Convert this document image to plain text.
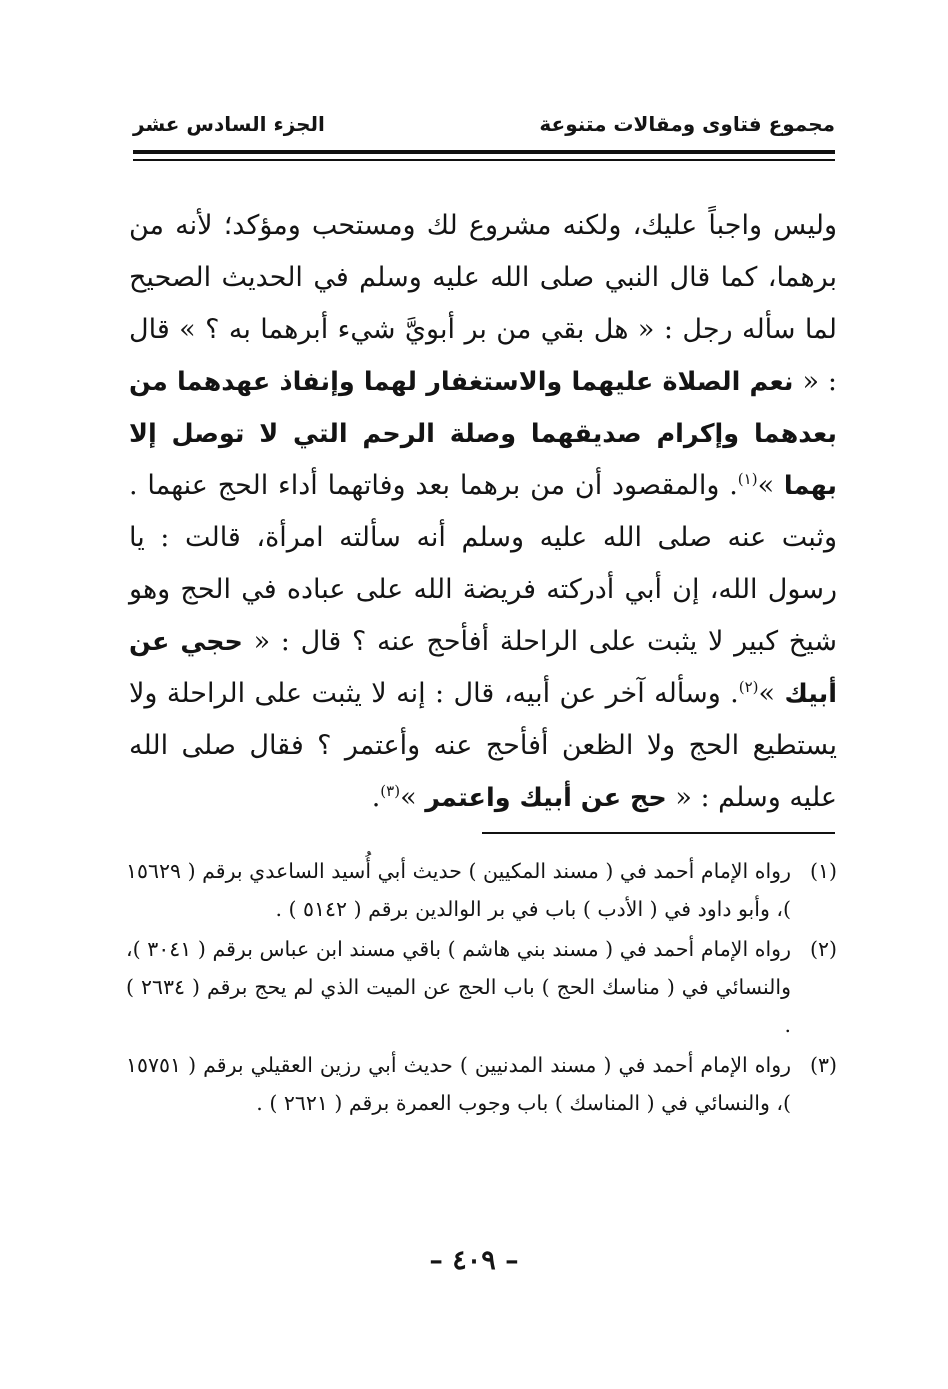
مجموع فتاوى ومقالات متنوعة
الجزء السادس عشر

وليس واجباً عليك، ولكنه مشروع لك ومستحب ومؤكد؛ لأنه من برهما، كما قال النبي صلى الله عليه وسلم في الحديث الصحيح لما سأله رجل : « هل بقي من بر أبويَّ شيء أبرهما به ؟ » قال : « نعم الصلاة عليهما والاستغفار لهما وإنفاذ عهدهما من بعدهما وإكرام صديقهما وصلة الرحم التي لا توصل إلا بهما »$^{(١)}$. والمقصود أن من برهما بعد وفاتهما أداء الحج عنهما . وثبت عنه صلى الله عليه وسلم أنه سألته امرأة، قالت : يا رسول الله، إن أبي أدركته فريضة الله على عباده في الحج وهو شيخ كبير لا يثبت على الراحلة أفأحج عنه ؟ قال : « حجي عن أبيك »$^{(٢)}$. وسأله آخر عن أبيه، قال : إنه لا يثبت على الراحلة ولا يستطيع الحج ولا الظعن أفأحج عنه وأعتمر ؟ فقال صلى الله عليه وسلم : « حج عن أبيك واعتمر »$^{(٣)}$.

(١)
رواه الإمام أحمد في ( مسند المكيين ) حديث أبي أُسيد الساعدي برقم ( ١٥٦٢٩ )، وأبو داود في ( الأدب ) باب في بر الوالدين برقم ( ٥١٤٢ ) .
(٢)
رواه الإمام أحمد في ( مسند بني هاشم ) باقي مسند ابن عباس برقم ( ٣٠٤١ )، والنسائي في ( مناسك الحج ) باب الحج عن الميت الذي لم يحج برقم ( ٢٦٣٤ ) .
(٣)
رواه الإمام أحمد في ( مسند المدنيين ) حديث أبي رزين العقيلي برقم ( ١٥٧٥١ )، والنسائي في ( المناسك ) باب وجوب العمرة برقم ( ٢٦٢١ ) .
– ٤٠٩ –
